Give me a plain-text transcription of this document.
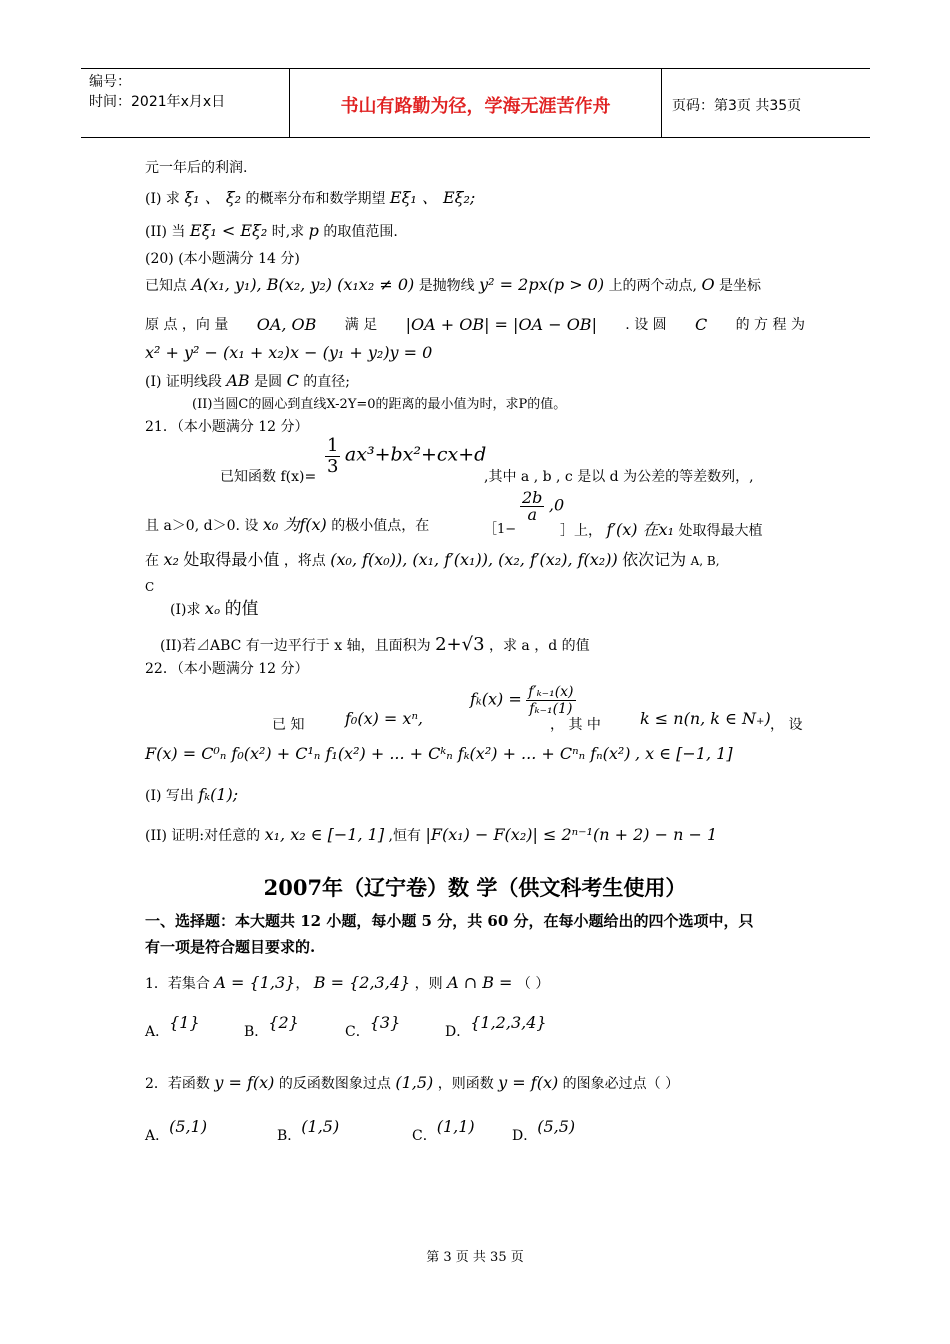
编号：
时间：2021年x月x日	书山有路勤为径，学海无涯苦作舟	页码：第3页 共35页
元一年后的利润.
(I) 求 ξ₁ 、 ξ₂ 的概率分布和数学期望 Eξ₁ 、 Eξ₂;
(II) 当 Eξ₁ < Eξ₂ 时,求 p 的取值范围.
(20) (本小题满分 14 分)
已知点 A(x₁, y₁), B(x₂, y₂) (x₁x₂ ≠ 0) 是抛物线 y² = 2px(p > 0) 上的两个动点, O 是坐标
原 点 ，向 量 OA, OB 满 足 |OA + OB| = |OA − OB| . 设 圆 C 的 方 程 为
x² + y² − (x₁ + x₂)x − (y₁ + y₂)y = 0
(I) 证明线段 AB 是圆 C 的直径;
(II)当圆C的圆心到直线X-2Y=0的距离的最小值为时，求P的值。
21．（本小题满分 12 分）
$\frac{1}{3} ax^3+bx^2+cx+d$
已知函数 f(x)=	,其中 a , b , c 是以 d 为公差的等差数列，,
$\frac{2b}{a} ,0$
且 a＞0, d＞0. 设 x₀ 为f(x) 的极小值点，在	［1−	］上， f′(x) 在x₁ 处取得最大植
在 x₂ 处取得最小值 ，将点 (x₀, f(x₀)), (x₁, f′(x₁)), (x₂, f′(x₂), f(x₂)) 依次记为 A, B,
C
(I)求 xₒ 的值
(II)若⊿ABC 有一边平行于 x 轴，且面积为 2+√3 ，求 a ，d 的值
22．（本小题满分 12 分）
$f_k(x) = \frac{\text{f′ₖ₋₁(x)}}{\text{fₖ₋₁(1)}}$
已 知	f₀(x) = xⁿ,	， 其 中 k ≤ n(n, k ∈ N₊) ， 设
F(x) = C⁰ₙ f₀(x²) + C¹ₙ f₁(x²) + ... + Cᵏₙ fₖ(x²) + ... + Cⁿₙ fₙ(x²) , x ∈ [−1, 1]
(I) 写出 fₖ(1);
(II) 证明:对任意的 x₁, x₂ ∈ [−1, 1] ,恒有 |F(x₁) − F(x₂)| ≤ 2ⁿ⁻¹(n + 2) − n − 1
2007年（辽宁卷）数 学（供文科考生使用）
一、选择题：本大题共 12 小题，每小题 5 分，共 60 分，在每小题给出的四个选项中，只
有一项是符合题目要求的.
1．若集合 A = {1,3}， B = {2,3,4} ，则 A ∩ B = （ ）
A．{1}	B．{2}	C．{3}	D．{1,2,3,4}
2．若函数 y = f(x) 的反函数图象过点 (1,5) ，则函数 y = f(x) 的图象必过点（ ）
A．(5,1)	B．(1,5)	C．(1,1)	D．(5,5)
第 3 页 共 35 页
